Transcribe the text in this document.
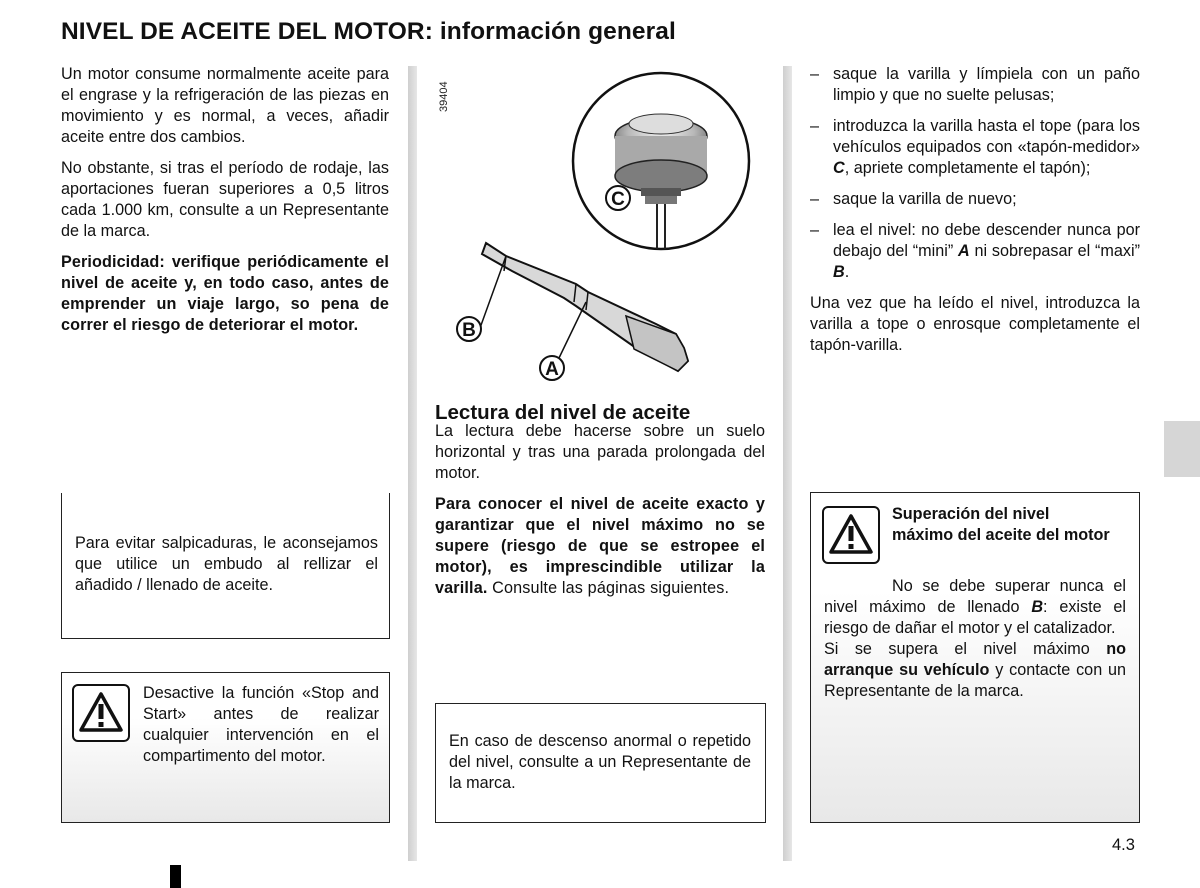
NIVEL DE ACEITE DEL MOTOR: información general

Un motor consume normalmente aceite para el engrase y la refrigeración de las piezas en movimiento y es normal, a veces, añadir aceite entre dos cambios.

No obstante, si tras el período de rodaje, las aportaciones fueran superiores a 0,5 litros cada 1.000 km, consulte a un Representante de la marca.

Periodicidad: verifique periódicamente el nivel de aceite y, en todo caso, antes de emprender un viaje largo, so pena de correr el riesgo de deteriorar el motor.

Para evitar salpicaduras, le aconsejamos que utilice un embudo al rellizar el añadido / llenado de aceite.
Desactive la función «Stop and Start» antes de realizar cualquier intervención en el compartimento del motor.
39404
C
B
A
Lectura del nivel de aceite

La lectura debe hacerse sobre un suelo horizontal y tras una parada prolongada del motor.

Para conocer el nivel de aceite exacto y garantizar que el nivel máximo no se supere (riesgo de que se estropee el motor), es imprescindible utilizar la varilla. Consulte las páginas siguientes.

En caso de descenso anormal o repetido del nivel, consulte a un Representante de la marca.
– saque la varilla y límpiela con un paño limpio y que no suelte pelusas;
– introduzca la varilla hasta el tope (para los vehículos equipados con «tapón-medidor» C, apriete completamente el tapón);
– saque la varilla de nuevo;
– lea el nivel: no debe descender nunca por debajo del “mini” A ni sobrepasar el “maxi” B.

Una vez que ha leído el nivel, introduzca la varilla a tope o enrosque completamente el tapón-varilla.

Superación del nivel máximo del aceite del motor
No se debe superar nunca el nivel máximo de llenado B: existe el riesgo de dañar el motor y el catalizador.
Si se supera el nivel máximo no arranque su vehículo y contacte con un Representante de la marca.
4.3
